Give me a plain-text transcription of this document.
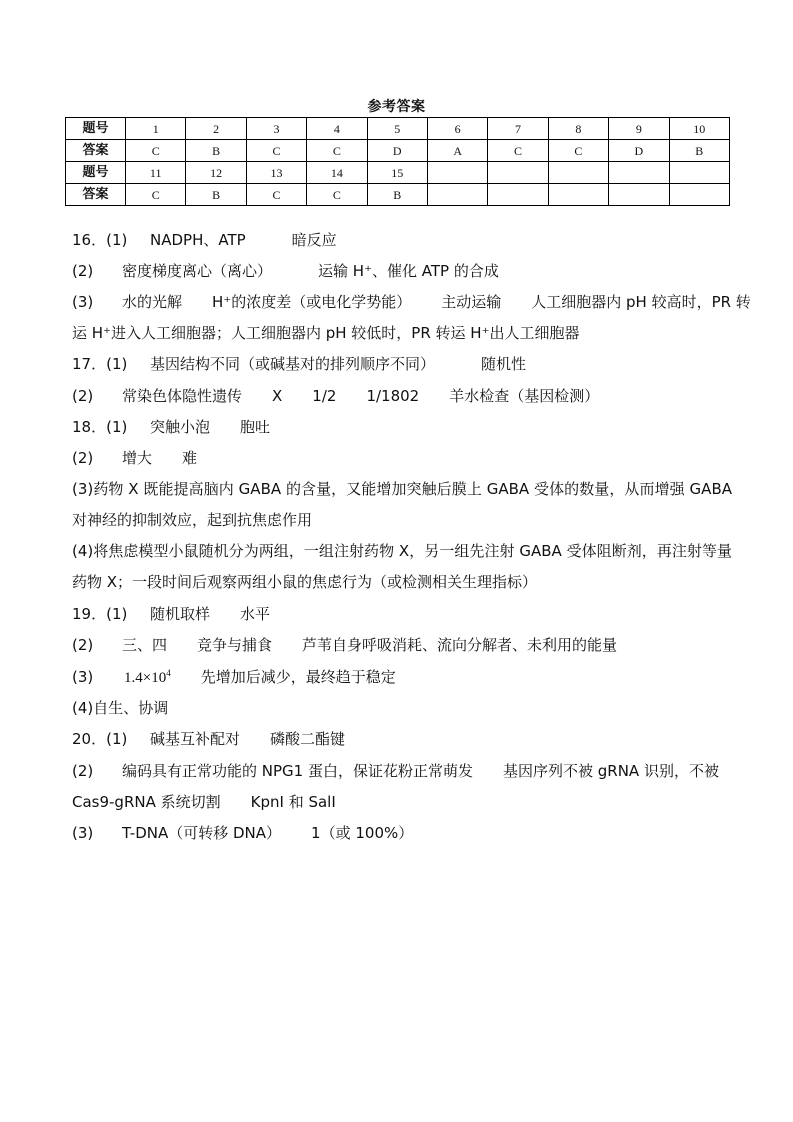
参考答案
题号	1	2	3	4	5	6	7	8	9	10
答案	C	B	C	C	D	A	C	C	D	B
题号	11	12	13	14	15					
答案	C	B	C	C	B					
16．(1) NADPH、ATP	暗反应
(2) 密度梯度离心（离心）	运输 H⁺、催化 ATP 的合成
(3) 水的光解 H⁺的浓度差（或电化学势能） 主动运输 人工细胞器内 pH 较高时，PR 转
运 H⁺进入人工细胞器；人工细胞器内 pH 较低时，PR 转运 H⁺出人工细胞器
17．(1) 基因结构不同（或碱基对的排列顺序不同）	随机性
(2) 常染色体隐性遗传 X 1/2 1/1802 羊水检查（基因检测）
18．(1) 突触小泡 胞吐
(2) 增大 难
(3)药物 X 既能提高脑内 GABA 的含量，又能增加突触后膜上 GABA 受体的数量，从而增强 GABA 对神经的抑制效应，起到抗焦虑作用
(4)将焦虑模型小鼠随机分为两组，一组注射药物 X，另一组先注射 GABA 受体阻断剂，再注射等量药物 X；一段时间后观察两组小鼠的焦虑行为（或检测相关生理指标）
19．(1) 随机取样 水平
(2) 三、四 竞争与捕食 芦苇自身呼吸消耗、流向分解者、未利用的能量
(3) $1.4\times 10^4$ 先增加后减少，最终趋于稳定
(4)自生、协调
20．(1) 碱基互补配对 磷酸二酯键
(2) 编码具有正常功能的 NPG1 蛋白，保证花粉正常萌发 基因序列不被 gRNA 识别，不被
Cas9-gRNA 系统切割 KpnI 和 SalI
(3) T-DNA（可转移 DNA） 1（或 100%）
